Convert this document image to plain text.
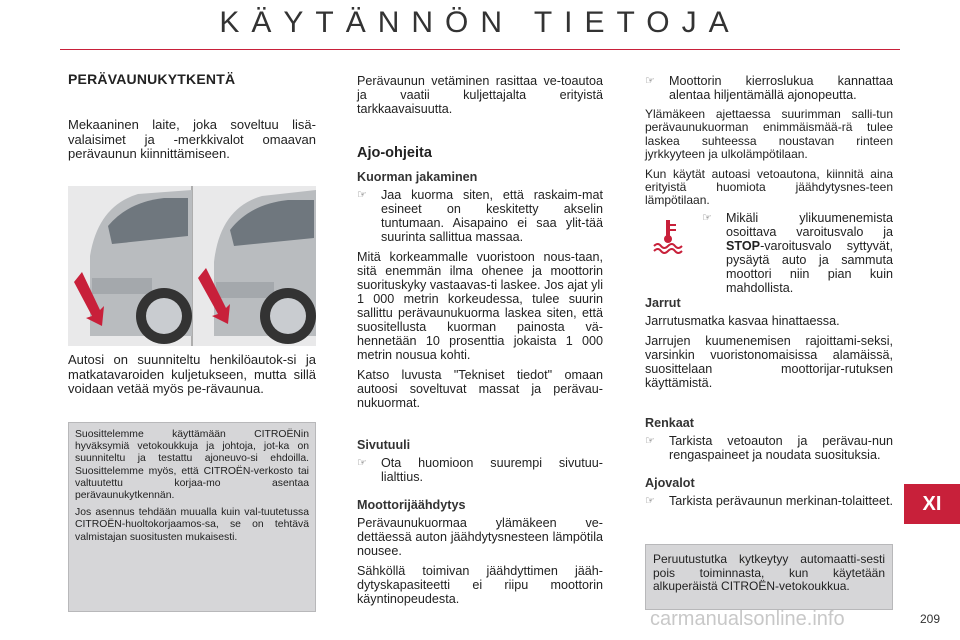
KÄYTÄNNÖN TIETOJA
PERÄVAUNUKYTKENTÄ

Mekaaninen laite, joka soveltuu lisä-valaisimet ja -merkkivalot omaavan perävaunun kiinnittämiseen.

Autosi on suunniteltu henkilöautok-si ja matkatavaroiden kuljetukseen, mutta sillä voidaan vetää myös pe-rävaunua.

Suosittelemme käyttämään CITROËNin hyväksymiä vetokoukkuja ja johtoja, jot-ka on suunniteltu ja testattu ajoneuvo-si ehdoilla. Suosittelemme myös, että CITROËN-verkosto tai valtuutettu korjaa-mo asentaa perävaunukytkennän.

Jos asennus tehdään muualla kuin val-tuutetussa CITROËN-huoltokorjaamos-sa, se on tehtävä valmistajan suositusten mukaisesti.

Perävaunun vetäminen rasittaa ve-toautoa ja vaatii kuljettajalta erityistä tarkkaavaisuutta.

Ajo-ohjeita
Kuorman jakaminen
☞	Jaa kuorma siten, että raskaim-mat esineet on keskitetty akselin tuntumaan. Aisapaino ei saa ylit-tää suurinta sallittua massaa.

Mitä korkeammalle vuoristoon nous-taan, sitä enemmän ilma ohenee ja moottorin suorituskyky vastaavas-ti laskee. Jos ajat yli 1 000 metrin korkeudessa, tulee suurin sallittu perävaunukuorma laskea siten, että suositellusta kuorman painosta vä-hennetään 10 prosenttia jokaista 1 000 metrin nousua kohti.

Katso luvusta "Tekniset tiedot" omaan autoosi soveltuvat massat ja perävau-nukuormat.

Sivutuuli
☞	Ota huomioon suurempi sivutuu-lialttius.
Moottorijäähdytys

Perävaunukuormaa ylämäkeen ve-dettäessä auton jäähdytysnesteen lämpötila nousee.

Sähköllä toimivan jäähdyttimen jääh-dytyskapasiteetti ei riipu moottorin käyntinopeudesta.

☞	Moottorin kierroslukua kannattaa alentaa hiljentämällä ajonopeutta.

Ylämäkeen ajettaessa suurimman salli-tun perävaunukuorman enimmäismää-rä tulee laskea suhteessa noustavan rinteen jyrkkyyteen ja ulkolämpötilaan.

Kun käytät autoasi vetoautona, kiinnitä aina erityistä huomiota jäähdytysnes-teen lämpötilaan.

☞	Mikäli ylikuumenemista osoittava varoitusvalo ja STOP-varoitusvalo syttyvät, pysäytä auto ja sammuta moottori niin pian kuin mahdollista.
Jarrut

Jarrutusmatka kasvaa hinattaessa.

Jarrujen kuumenemisen rajoittami-seksi, varsinkin vuoristonomaisissa alamäissä, suosittelaan moottorijar-rutuksen käyttämistä.

Renkaat
☞	Tarkista vetoauton ja perävau-nun rengaspaineet ja noudata suosituksia.
Ajovalot
☞	Tarkista perävaunun merkinan-tolaitteet.

Peruutustutka kytkeytyy automaatti-sesti pois toiminnasta, kun käytetään alkuperäistä CITROËN-vetokoukkua.

XI
carmanualsonline.info	209
